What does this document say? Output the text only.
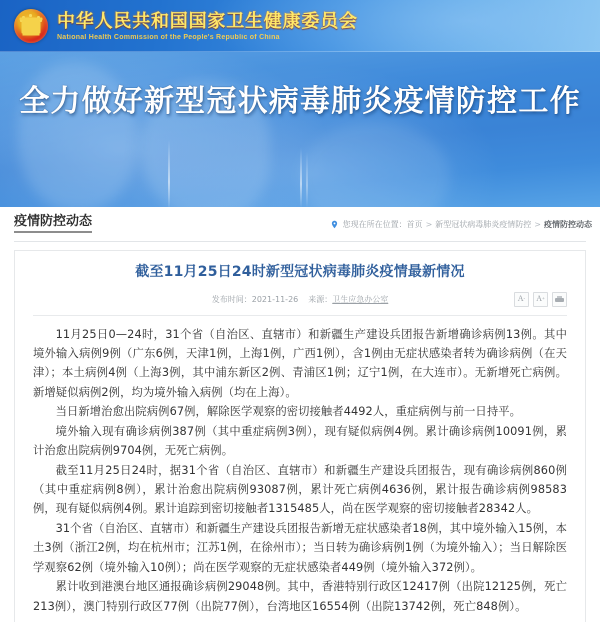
中华人民共和国国家卫生健康委员会
National Health Commission of the People's Republic of China
全力做好新型冠状病毒肺炎疫情防控工作
疫情防控动态	您现在所在位置： 首页 > 新型冠状病毒肺炎疫情防控 > 疫情防控动态
截至11月25日24时新型冠状病毒肺炎疫情最新情况
发布时间：2021-11-26 来源：卫生应急办公室	A - A +

11月25日0—24时，31个省（自治区、直辖市）和新疆生产建设兵团报告新增确诊病例13例。其中境外输入病例9例（广东6例，天津1例，上海1例，广西1例），含1例由无症状感染者转为确诊病例（在天津）；本土病例4例（上海3例，其中浦东新区2例、青浦区1例；辽宁1例，在大连市）。无新增死亡病例。新增疑似病例2例，均为境外输入病例（均在上海）。

当日新增治愈出院病例67例，解除医学观察的密切接触者4492人，重症病例与前一日持平。

境外输入现有确诊病例387例（其中重症病例3例），现有疑似病例4例。累计确诊病例10091例，累计治愈出院病例9704例，无死亡病例。

截至11月25日24时，据31个省（自治区、直辖市）和新疆生产建设兵团报告，现有确诊病例860例（其中重症病例8例），累计治愈出院病例93087例，累计死亡病例4636例，累计报告确诊病例98583例，现有疑似病例4例。累计追踪到密切接触者1315485人，尚在医学观察的密切接触者28342人。

31个省（自治区、直辖市）和新疆生产建设兵团报告新增无症状感染者18例，其中境外输入15例，本土3例（浙江2例，均在杭州市；江苏1例，在徐州市）；当日转为确诊病例1例（为境外输入）；当日解除医学观察62例（境外输入10例）；尚在医学观察的无症状感染者449例（境外输入372例）。

累计收到港澳台地区通报确诊病例29048例。其中，香港特别行政区12417例（出院12125例，死亡213例），澳门特别行政区77例（出院77例），台湾地区16554例（出院13742例，死亡848例）。
